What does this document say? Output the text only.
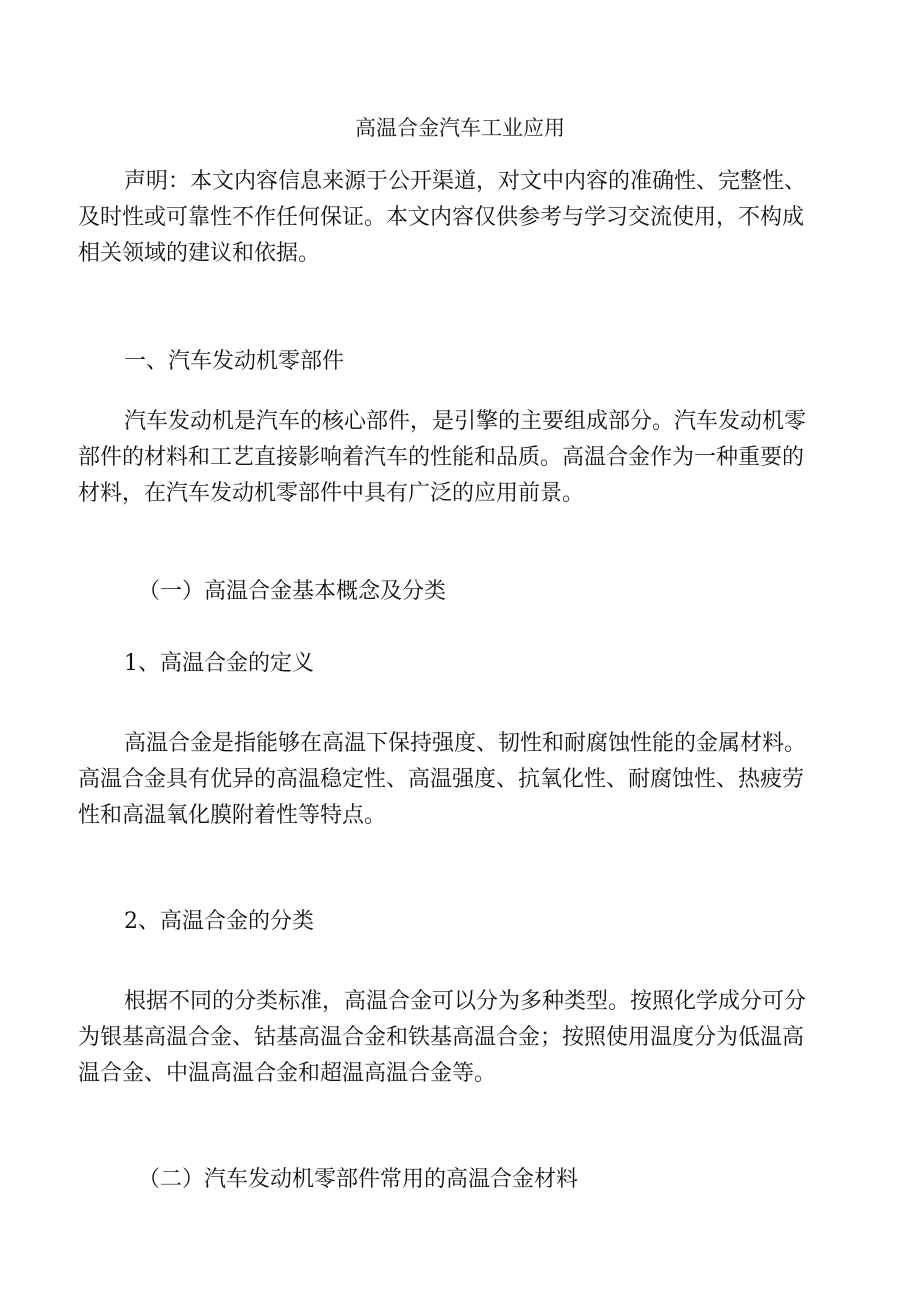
高温合金汽车工业应用
声明：本文内容信息来源于公开渠道，对文中内容的准确性、完整性、
及时性或可靠性不作任何保证。本文内容仅供参考与学习交流使用，不构成
相关领域的建议和依据。
一、汽车发动机零部件
汽车发动机是汽车的核心部件，是引擎的主要组成部分。汽车发动机零
部件的材料和工艺直接影响着汽车的性能和品质。高温合金作为一种重要的
材料，在汽车发动机零部件中具有广泛的应用前景。
（一）高温合金基本概念及分类
1、高温合金的定义
高温合金是指能够在高温下保持强度、韧性和耐腐蚀性能的金属材料。
高温合金具有优异的高温稳定性、高温强度、抗氧化性、耐腐蚀性、热疲劳
性和高温氧化膜附着性等特点。
2、高温合金的分类
根据不同的分类标准，高温合金可以分为多种类型。按照化学成分可分
为银基高温合金、钴基高温合金和铁基高温合金；按照使用温度分为低温高
温合金、中温高温合金和超温高温合金等。
（二）汽车发动机零部件常用的高温合金材料
